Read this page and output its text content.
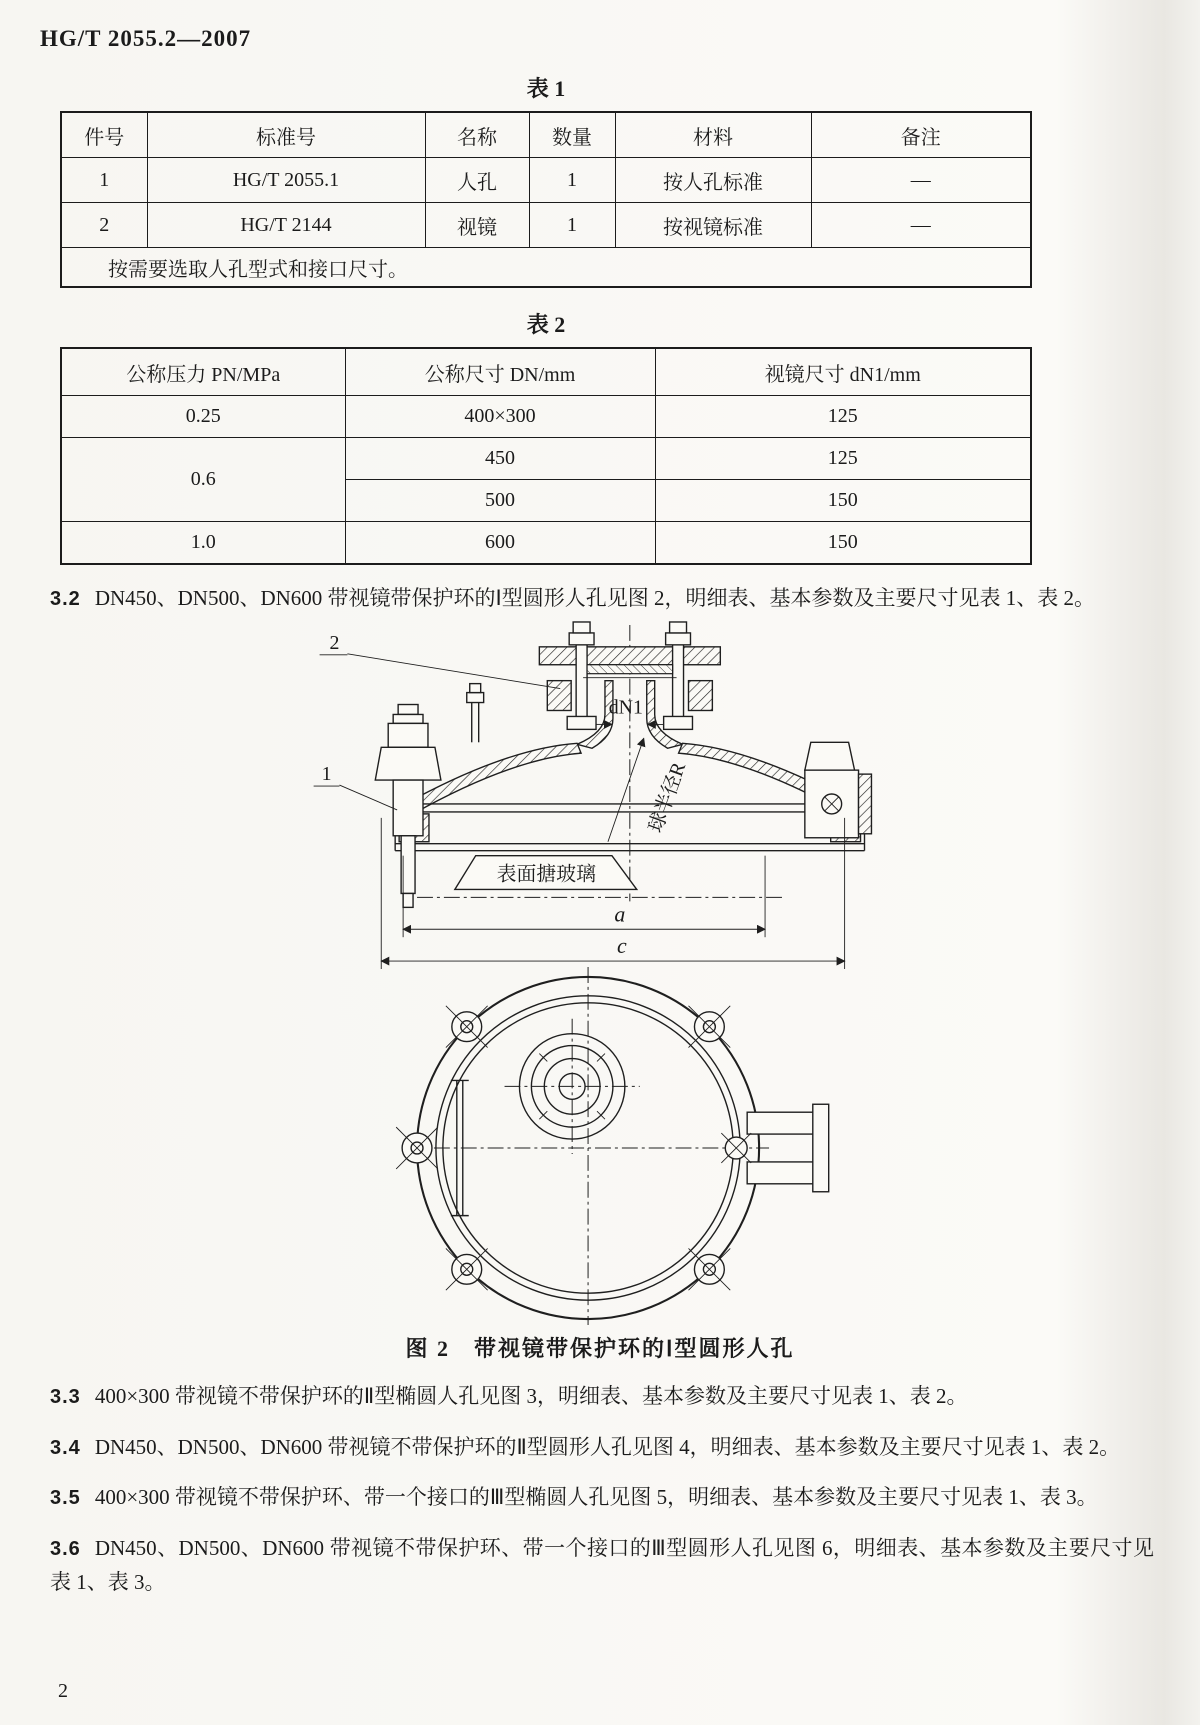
HG/T 2055.2—2007
表 1
件号	标准号	名称	数量	材料	备注
1	HG/T 2055.1	人孔	1	按人孔标准	—
2	HG/T 2144	视镜	1	按视镜标准	—
按需要选取人孔型式和接口尺寸。					
表 2
公称压力 PN/MPa	公称尺寸 DN/mm	视镜尺寸 dN1/mm
0.25	400×300	125
0.6	450	125
	500	150
1.0	600	150
3.2 DN450、DN500、DN600 带视镜带保护环的Ⅰ型圆形人孔见图 2，明细表、基本参数及主要尺寸见表 1、表 2。
dN1
表面搪玻璃
球半径R
2
1
a
c
图 2　带视镜带保护环的Ⅰ型圆形人孔
3.3 400×300 带视镜不带保护环的Ⅱ型椭圆人孔见图 3，明细表、基本参数及主要尺寸见表 1、表 2。
3.4 DN450、DN500、DN600 带视镜不带保护环的Ⅱ型圆形人孔见图 4，明细表、基本参数及主要尺寸见表 1、表 2。
3.5 400×300 带视镜不带保护环、带一个接口的Ⅲ型椭圆人孔见图 5，明细表、基本参数及主要尺寸见表 1、表 3。
3.6 DN450、DN500、DN600 带视镜不带保护环、带一个接口的Ⅲ型圆形人孔见图 6，明细表、基本参数及主要尺寸见表 1、表 3。
2
